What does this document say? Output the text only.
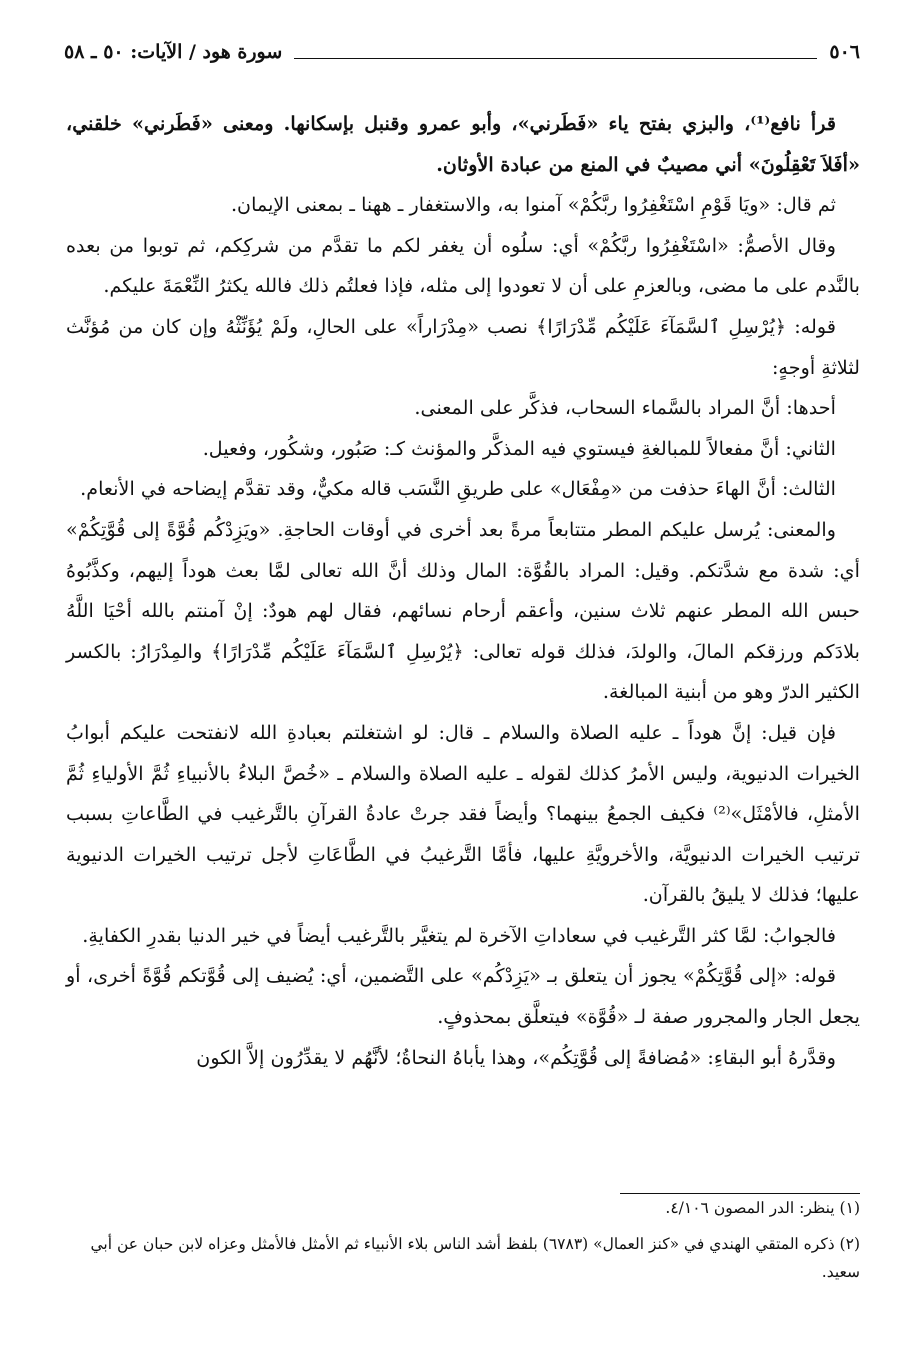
٥٠٦
سورة هود / الآيات: ٥٠ ـ ٥٨

قرأ نافع⁽¹⁾، والبزي بفتح ياء «فَطَرني»، وأبو عمرو وقنبل بإسكانها. ومعنى «فَطَرني» خلقني، «أفَلاَ تَعْقِلُونَ» أني مصيبٌ في المنع من عبادة الأوثان.

ثم قال: «ويَا قَوْمِ اسْتَغْفِرُوا ربَّكُمْ» آمنوا به، والاستغفار ـ ههنا ـ بمعنى الإيمان.

وقال الأصمُّ: «اسْتَغْفِرُوا ربَّكُمْ» أي: سلُوه أن يغفر لكم ما تقدَّم من شركِكم، ثم توبوا من بعده بالنَّدم على ما مضى، وبالعزمِ على أن لا تعودوا إلى مثله، فإذا فعلتُم ذلك فالله يكثرُ النِّعْمَةَ عليكم.

قوله: ﴿يُرْسِلِ ٱلسَّمَآءَ عَلَيْكُم مِّدْرَارًا﴾ نصب «مِدْرَاراً» على الحالِ، ولَمْ يُؤَنِّثْهُ وإن كان من مُؤنَّث لثلاثةِ أوجهٍ:

أحدها: أنَّ المراد بالسَّماء السحاب، فذكَّر على المعنى.

الثاني: أنَّ مفعالاً للمبالغةِ فيستوي فيه المذكَّر والمؤنث كـ: صَبُور، وشكُور، وفعيل.

الثالث: أنَّ الهاءَ حذفت من «مِفْعَال» على طريقِ النَّسَب قاله مكيٌّ، وقد تقدَّم إيضاحه في الأنعام.

والمعنى: يُرسل عليكم المطر متتابعاً مرةً بعد أخرى في أوقات الحاجةِ. «ويَزِدْكُم قُوَّةً إلى قُوَّتِكُمْ» أي: شدة مع شدَّتكم. وقيل: المراد بالقُوَّة: المال وذلك أنَّ الله تعالى لمَّا بعث هوداً إليهم، وكذَّبُوهُ حبس الله المطر عنهم ثلاث سنين، وأعقم أرحام نسائهم، فقال لهم هودٌ: إنْ آمنتم بالله أحْيَا اللَّهُ بلادَكم ورزقكم المالَ، والولدَ، فذلك قوله تعالى: ﴿يُرْسِلِ ٱلسَّمَآءَ عَلَيْكُم مِّدْرَارًا﴾ والمِدْرَارُ: بالكسر الكثير الدرّ وهو من أبنية المبالغة.

فإن قيل: إنَّ هوداً ـ عليه الصلاة والسلام ـ قال: لو اشتغلتم بعبادةِ الله لانفتحت عليكم أبوابُ الخيرات الدنيوية، وليس الأمرُ كذلك لقوله ـ عليه الصلاة والسلام ـ «خُصَّ البلاءُ بالأنبياءِ ثُمَّ الأولياءِ ثُمَّ الأمثلِ، فالأمْثَل»⁽²⁾ فكيف الجمعُ بينهما؟ وأيضاً فقد جرتْ عادةُ القرآنِ بالتَّرغيب في الطَّاعاتِ بسبب ترتيب الخيرات الدنيويَّة، والأخرويَّةِ عليها، فأمَّا التَّرغيبُ في الطَّاعَاتِ لأجل ترتيب الخيرات الدنيوية عليها؛ فذلك لا يليقُ بالقرآن.

فالجوابُ: لمَّا كثر التَّرغيب في سعاداتِ الآخرة لم يتغيَّر بالتَّرغيب أيضاً في خير الدنيا بقدرِ الكفايةِ.

قوله: «إلى قُوَّتِكُمْ» يجوز أن يتعلق بـ «يَزِدْكُم» على التَّضمين، أي: يُضيف إلى قُوَّتكم قُوَّةً أخرى، أو يجعل الجار والمجرور صفة لـ «قُوَّة» فيتعلَّق بمحذوفٍ.

وقدَّرهُ أبو البقاءِ: «مُضافةً إلى قُوَّتِكُم»، وهذا يأباهُ النحاةُ؛ لأنَّهُم لا يقدِّرُون إلاَّ الكون

(١) ينظر: الدر المصون ٤/١٠٦.

(٢) ذكره المتقي الهندي في «كنز العمال» (٦٧٨٣) بلفظ أشد الناس بلاء الأنبياء ثم الأمثل فالأمثل وعزاه لابن حبان عن أبي سعيد.
